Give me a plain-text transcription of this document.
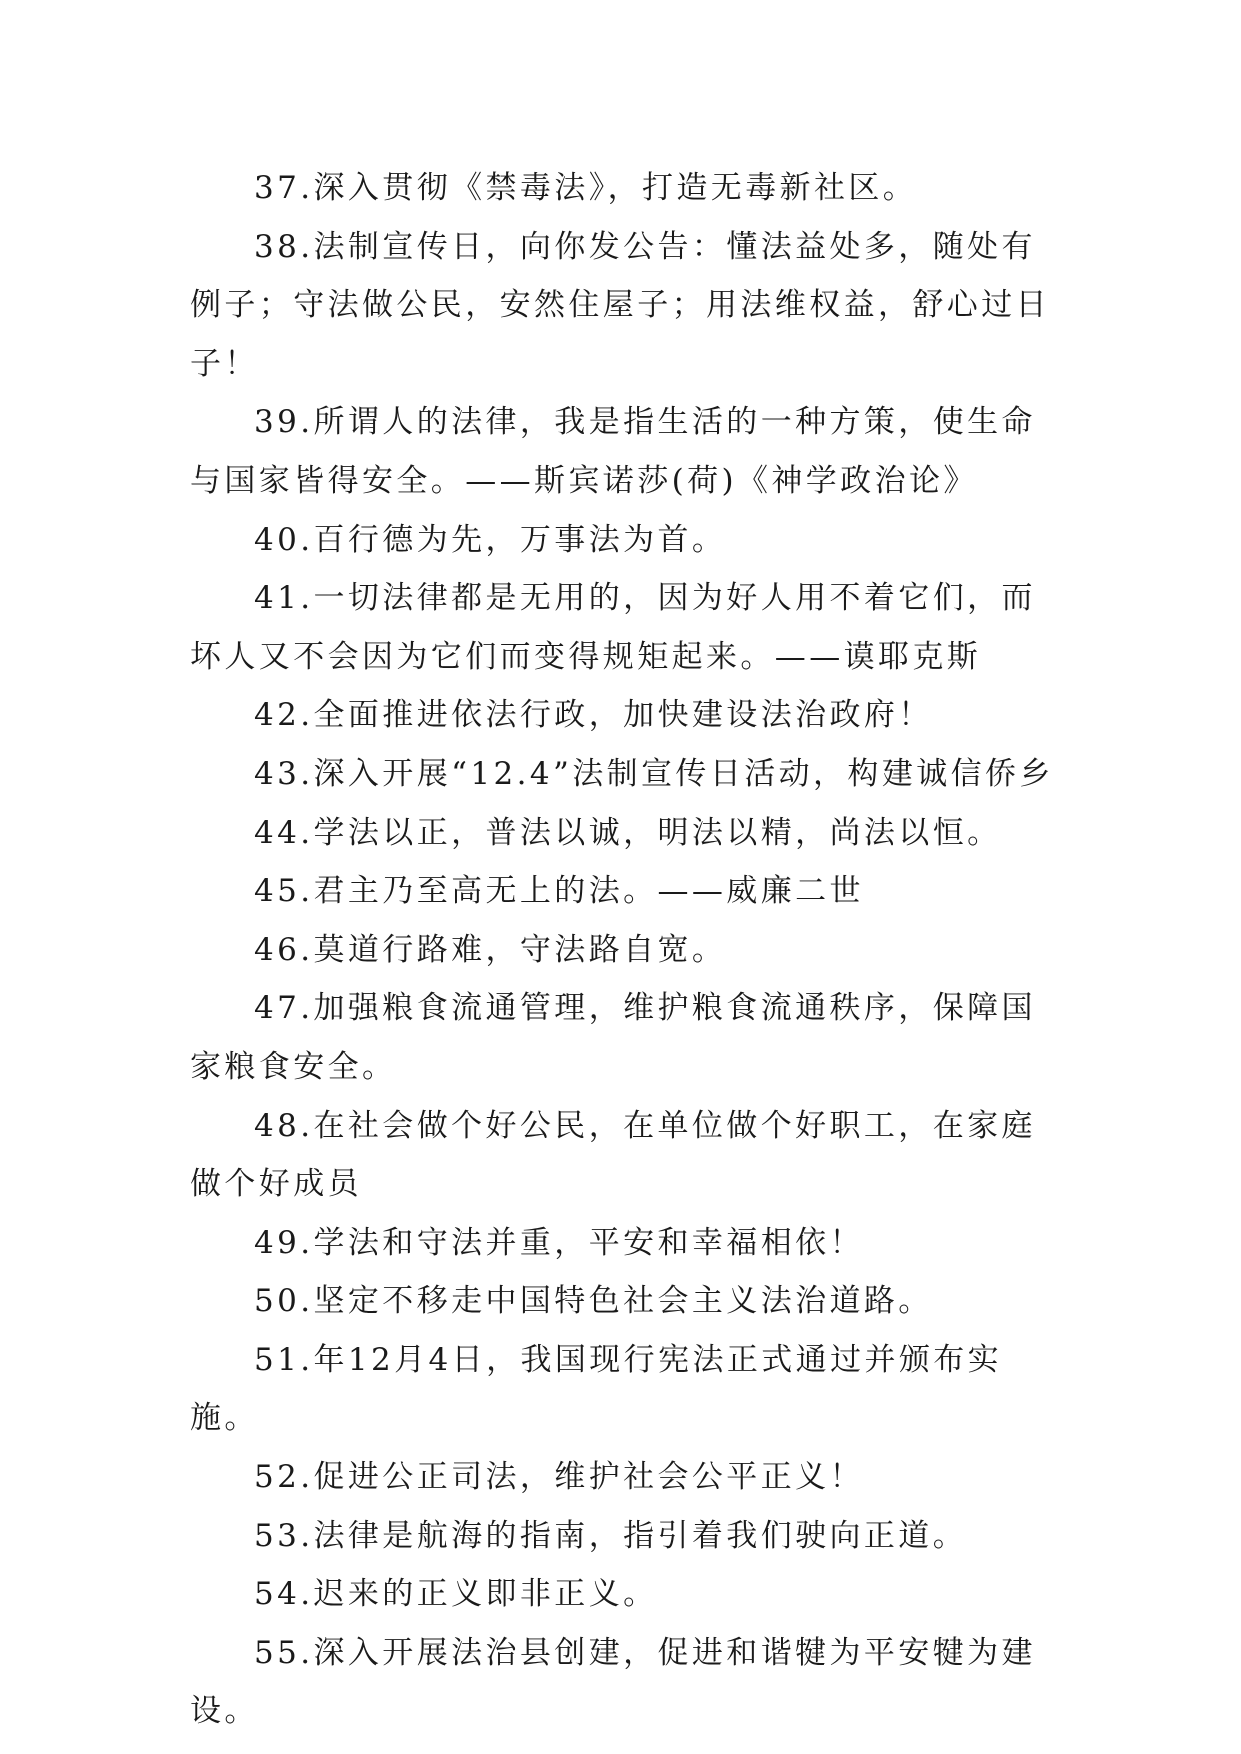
37.深入贯彻《禁毒法》，打造无毒新社区。

38.法制宣传日，向你发公告：懂法益处多，随处有例子；守法做公民，安然住屋子；用法维权益，舒心过日子！

39.所谓人的法律，我是指生活的一种方策，使生命与国家皆得安全。——斯宾诺莎(荷)《神学政治论》

40.百行德为先，万事法为首。

41.一切法律都是无用的，因为好人用不着它们，而坏人又不会因为它们而变得规矩起来。——谟耶克斯

42.全面推进依法行政，加快建设法治政府！

43.深入开展“12.4”法制宣传日活动，构建诚信侨乡

44.学法以正，普法以诚，明法以精，尚法以恒。

45.君主乃至高无上的法。——威廉二世

46.莫道行路难，守法路自宽。

47.加强粮食流通管理，维护粮食流通秩序，保障国家粮食安全。

48.在社会做个好公民，在单位做个好职工，在家庭做个好成员

49.学法和守法并重，平安和幸福相依！

50.坚定不移走中国特色社会主义法治道路。

51.年12月4日，我国现行宪法正式通过并颁布实施。

52.促进公正司法，维护社会公平正义！

53.法律是航海的指南，指引着我们驶向正道。

54.迟来的正义即非正义。

55.深入开展法治县创建，促进和谐犍为平安犍为建设。
